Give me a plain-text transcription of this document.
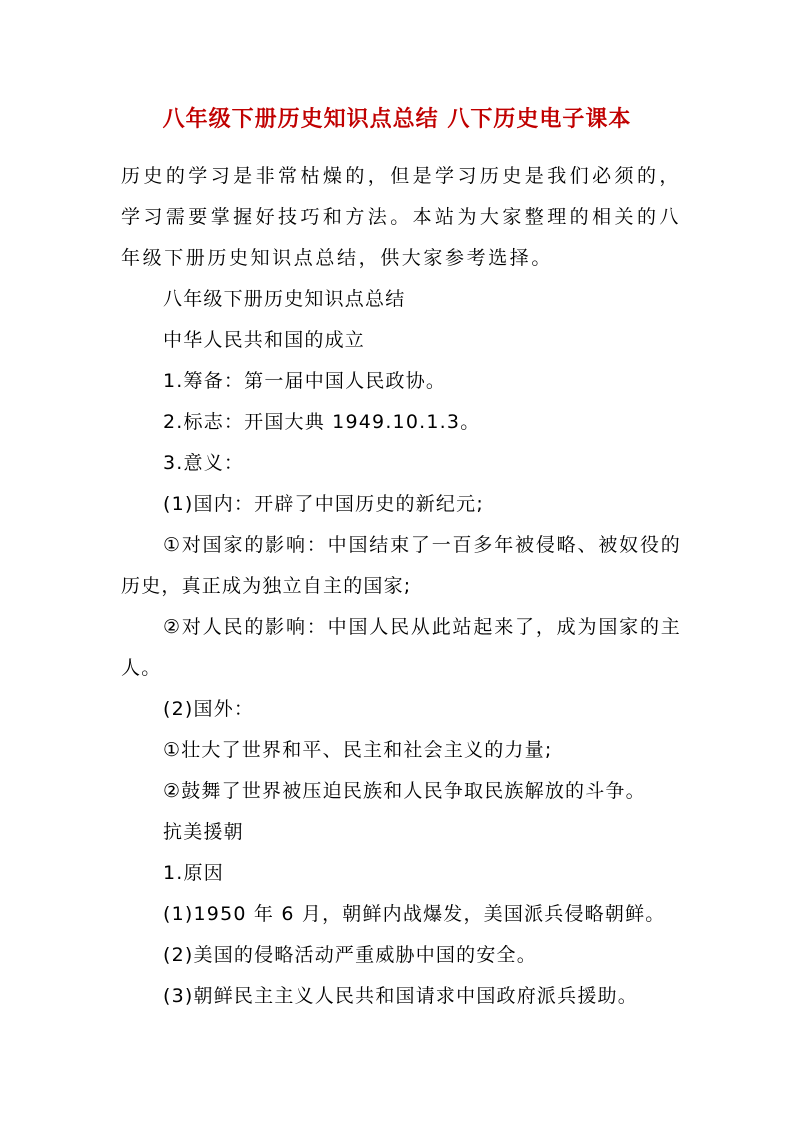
八年级下册历史知识点总结 八下历史电子课本

历史的学习是非常枯燥的，但是学习历史是我们必须的，学习需要掌握好技巧和方法。本站为大家整理的相关的八年级下册历史知识点总结，供大家参考选择。

八年级下册历史知识点总结

中华人民共和国的成立

1.筹备：第一届中国人民政协。

2.标志：开国大典 1949.10.1.3。

3.意义：

(1)国内：开辟了中国历史的新纪元;

①对国家的影响：中国结束了一百多年被侵略、被奴役的历史，真正成为独立自主的国家;

②对人民的影响：中国人民从此站起来了，成为国家的主人。

(2)国外：

①壮大了世界和平、民主和社会主义的力量;

②鼓舞了世界被压迫民族和人民争取民族解放的斗争。

抗美援朝

1.原因

(1)1950 年 6 月，朝鲜内战爆发，美国派兵侵略朝鲜。

(2)美国的侵略活动严重威胁中国的安全。

(3)朝鲜民主主义人民共和国请求中国政府派兵援助。
